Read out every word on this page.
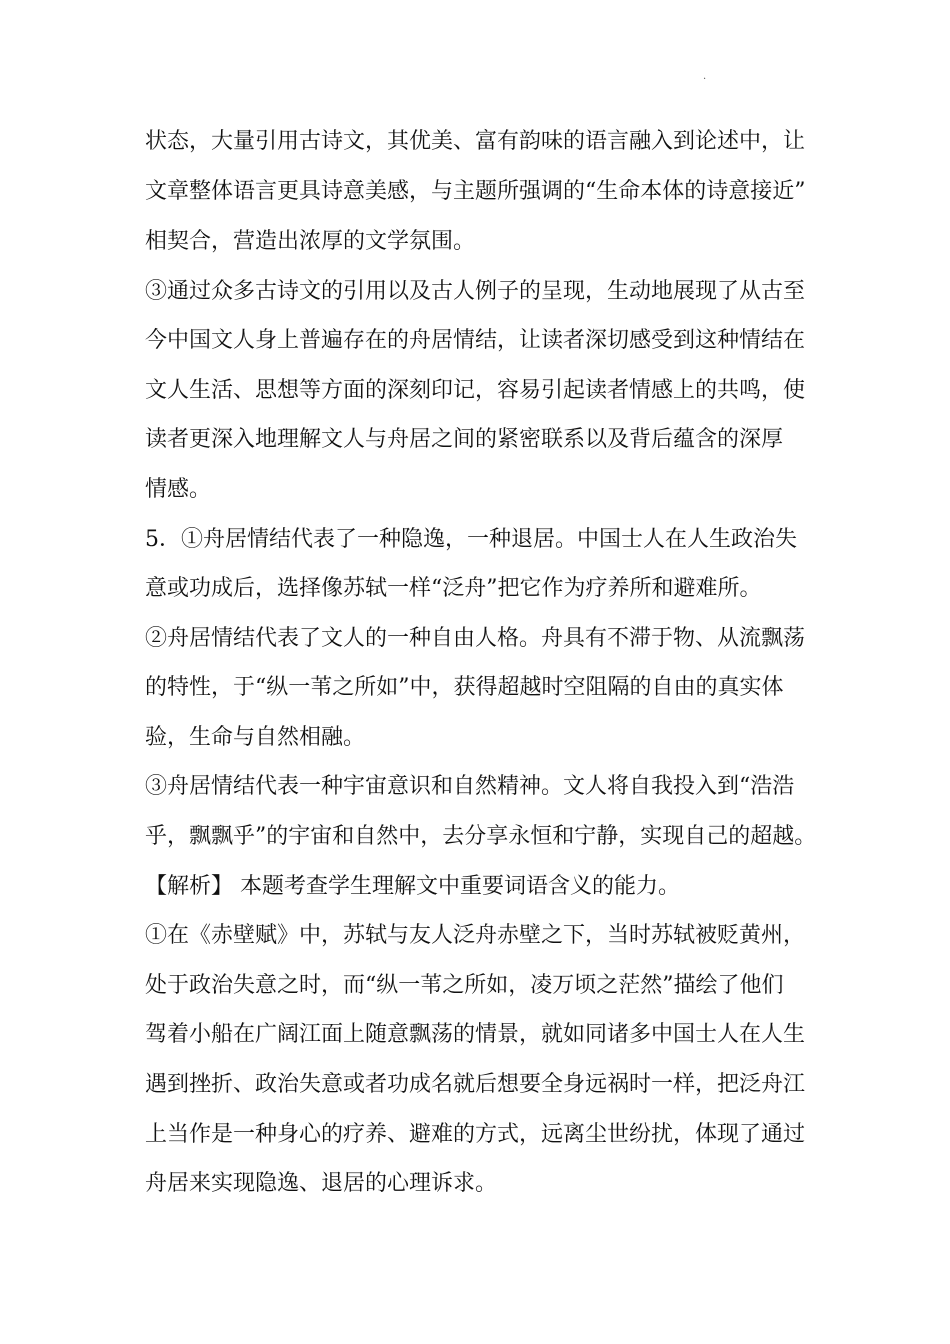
.
状态，大量引用古诗文，其优美、富有韵味的语言融入到论述中，让
文章整体语言更具诗意美感，与主题所强调的“生命本体的诗意接近”
相契合，营造出浓厚的文学氛围。
③通过众多古诗文的引用以及古人例子的呈现，生动地展现了从古至
今中国文人身上普遍存在的舟居情结，让读者深切感受到这种情结在
文人生活、思想等方面的深刻印记，容易引起读者情感上的共鸣，使
读者更深入地理解文人与舟居之间的紧密联系以及背后蕴含的深厚
情感。
5．①舟居情结代表了一种隐逸，一种退居。中国士人在人生政治失
意或功成后，选择像苏轼一样“泛舟”把它作为疗养所和避难所。
②舟居情结代表了文人的一种自由人格。舟具有不滞于物、从流飘荡
的特性，于“纵一苇之所如”中，获得超越时空阻隔的自由的真实体
验，生命与自然相融。
③舟居情结代表一种宇宙意识和自然精神。文人将自我投入到“浩浩
乎，飘飘乎”的宇宙和自然中，去分享永恒和宁静，实现自己的超越。
【解析】 本题考查学生理解文中重要词语含义的能力。
①在《赤壁赋》中，苏轼与友人泛舟赤壁之下，当时苏轼被贬黄州，
处于政治失意之时，而“纵一苇之所如，凌万顷之茫然”描绘了他们
驾着小船在广阔江面上随意飘荡的情景，就如同诸多中国士人在人生
遇到挫折、政治失意或者功成名就后想要全身远祸时一样，把泛舟江
上当作是一种身心的疗养、避难的方式，远离尘世纷扰，体现了通过
舟居来实现隐逸、退居的心理诉求。
